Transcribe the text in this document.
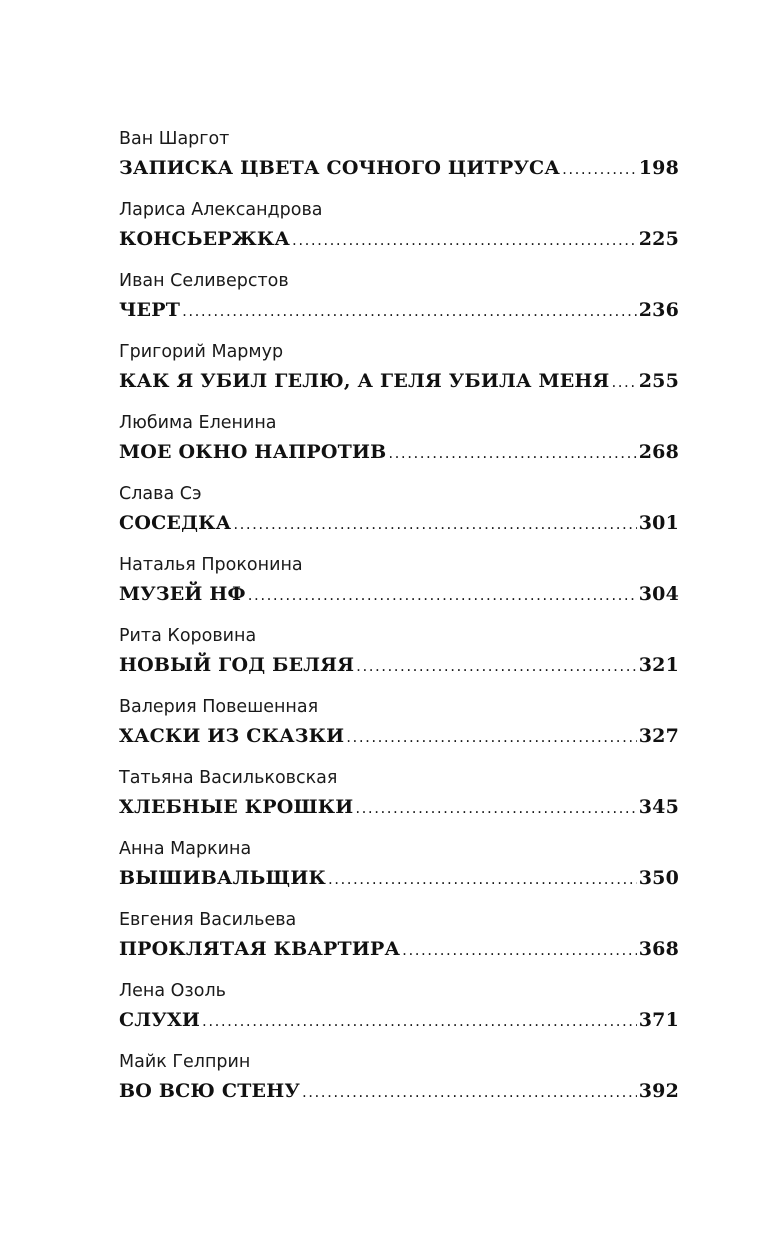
Ван Шаргот
ЗАПИСКА ЦВЕТА СОЧНОГО ЦИТРУСА .....	198
Лариса Александрова
КОНСЬЕРЖКА .....	225
Иван Селиверстов
ЧЕРТ .....	236
Григорий Мармур
КАК Я УБИЛ ГЕЛЮ, А ГЕЛЯ УБИЛА МЕНЯ ..... 255
Любима Еленина
МОЕ ОКНО НАПРОТИВ .....	268
Слава Сэ
СОСЕДКА .....	301
Наталья Проконина
МУЗЕЙ НФ .....	304
Рита Коровина
НОВЫЙ ГОД БЕЛЯЯ .....	321
Валерия Повешенная
ХАСКИ ИЗ СКАЗКИ .....	327
Татьяна Васильковская
ХЛЕБНЫЕ КРОШКИ .....	345
Анна Маркина
ВЫШИВАЛЬЩИК .....	350
Евгения Васильева
ПРОКЛЯТАЯ КВАРТИРА .....	368
Лена Озоль
СЛУХИ .....	371
Майк Гелприн
ВО ВСЮ СТЕНУ .....	392
